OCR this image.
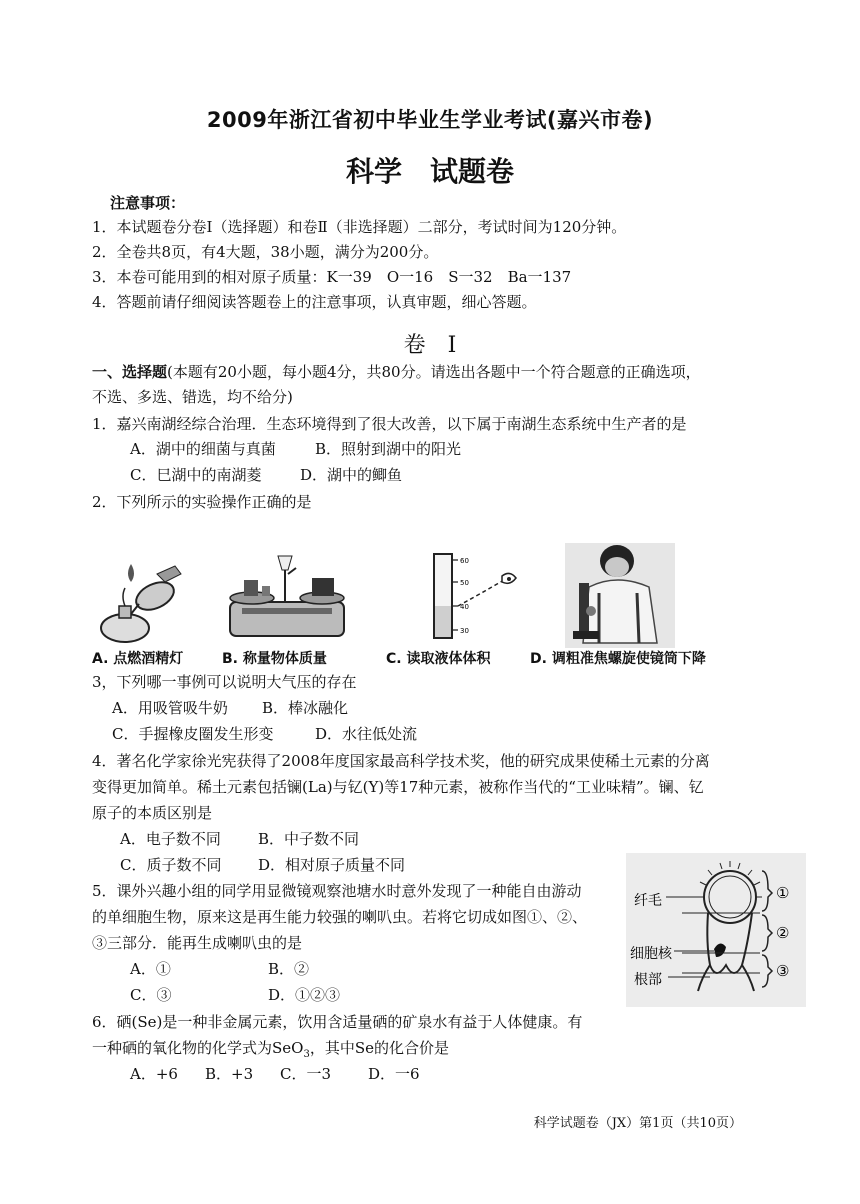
2009年浙江省初中毕业生学业考试(嘉兴市卷)
科学　试题卷
注意事项：
1．本试题卷分卷Ⅰ（选择题）和卷Ⅱ（非选择题）二部分，考试时间为120分钟。
2．全卷共8页，有4大题，38小题，满分为200分。
3．本卷可能用到的相对原子质量：K一39　O一16　S一32　Ba一137
4．答题前请仔细阅读答题卷上的注意事项，认真审题，细心答题。
卷　Ⅰ
一、选择题(本题有20小题，每小题4分，共80分。请选出各题中一个符合题意的正确选项，
不选、多选、错选，均不给分)
1．嘉兴南湖经综合治理．生态环境得到了很大改善，以下属于南湖生态系统中生产者的是
A．湖中的细菌与真菌	B．照射到湖中的阳光
C．巳湖中的南湖菱	D．湖中的鲫鱼
2．下列所示的实验操作正确的是
60
50
40
30
A. 点燃酒精灯	B. 称量物体质量	C. 读取液体体积	D. 调粗准焦螺旋使镜筒下降
3，下列哪一事例可以说明大气压的存在
A．用吸管吸牛奶 B．棒冰融化
C．手握橡皮圈发生形变	D．水往低处流
4．著名化学家徐光宪获得了2008年度国家最高科学技术奖，他的研究成果使稀土元素的分离
变得更加简单。稀土元素包括镧(La)与钇(Y)等17种元素，被称作当代的“工业味精”。镧、钇
原子的本质区别是
A．电子数不同 B．中子数不同
C．质子数不同 D．相对原子质量不同
5．课外兴趣小组的同学用显微镜观察池塘水时意外发现了一种能自由游动
的单细胞生物，原来这是再生能力较强的喇叭虫。若将它切成如图①、②、
③三部分．能再生成喇叭虫的是
A．①	B．②
C．③	D．①②③
纤毛
细胞核
根部
①
②
③
6．硒(Se)是一种非金属元素，饮用含适量硒的矿泉水有益于人体健康。有
一种硒的氧化物的化学式为SeO$_3$，其中Se的化合价是
A．+6 B．+3 C．一3 D．一6
科学试题卷（JX）第1页（共10页）
